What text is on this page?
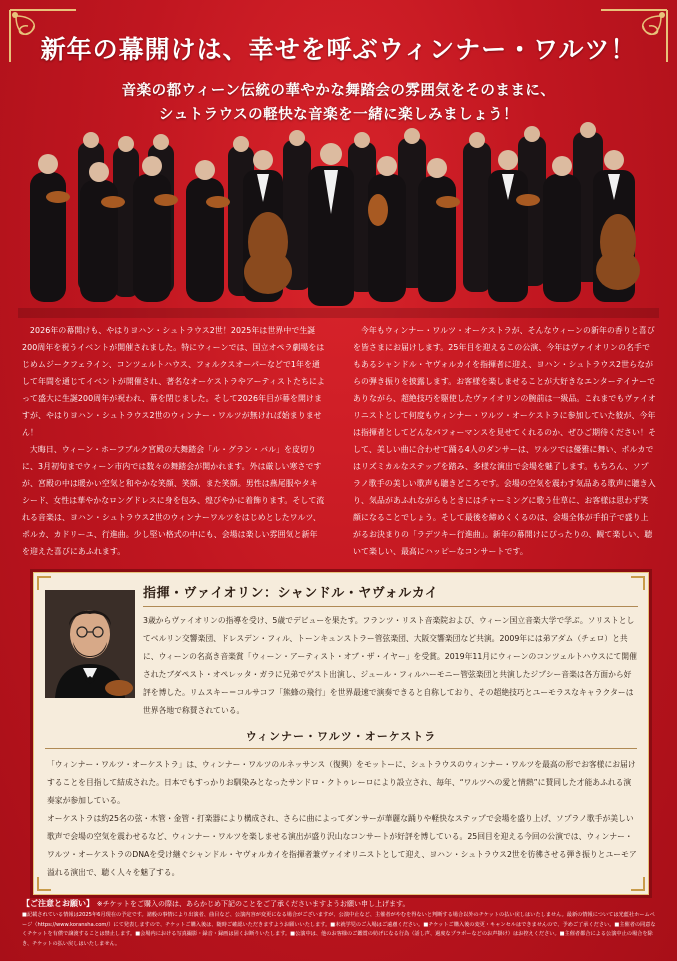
新年の幕開けは、幸せを呼ぶウィンナー・ワルツ！
音楽の都ウィーン伝統の華やかな舞踏会の雰囲気をそのままに、
シュトラウスの軽快な音楽を一緒に楽しみましょう！

2026年の幕開けも、やはりヨハン・シュトラウス2世！2025年は世界中で生誕200周年を祝うイベントが開催されました。特にウィーンでは、国立オペラ劇場をはじめムジークフェライン、コンツェルトハウス、フォルクスオーパーなどで1年を通して年間を通じてイベントが開催され、著名なオーケストラやアーティストたちによって盛大に生誕200周年が祝われ、幕を閉じました。そして2026年目が幕を開けますが、やはりヨハン・シュトラウス2世のウィンナー・ワルツが無ければ始まりません！

大晦日、ウィーン・ホーフブルク宮殿の大舞踏会「ル・グラン・バル」を皮切りに、3月初旬までウィーン市内では数々の舞踏会が開かれます。外は厳しい寒さですが、宮殿の中は暖かい空気と和やかな笑顔、笑顔、また笑顔。男性は燕尾服やタキシード、女性は華やかなロングドレスに身を包み、煌びやかに着飾ります。そして流れる音楽は、ヨハン・シュトラウス2世のウィンナーワルツをはじめとしたワルツ、ポルカ、カドリーユ、行進曲。少し堅い格式の中にも、会場は楽しい雰囲気と新年を迎えた喜びにあふれます。

今年もウィンナー・ワルツ・オーケストラが、そんなウィーンの新年の香りと喜びを皆さまにお届けします。25年目を迎えるこの公演、今年はヴァイオリンの名手でもあるシャンドル・ヤヴォルカイを指揮者に迎え、ヨハン・シュトラウス2世らながらの弾き振りを披露します。お客様を楽しませることが大好きなエンターテイナーでありながら、超絶技巧を駆使したヴァイオリンの腕前は一級品。これまでもヴァイオリニストとして何度もウィンナー・ワルツ・オーケストラに参加していた彼が、今年は指揮者としてどんなパフォーマンスを見せてくれるのか、ぜひご期待ください！そして、美しい曲に合わせて踊る4人のダンサーは、ワルツでは優雅に舞い、ポルカではリズミカルなステップを踏み、多様な演出で会場を魅了します。もちろん、ソプラノ歌手の美しい歌声も聴きどころです。会場の空気を震わす気品ある歌声に聴き入り、気品があふれながらもときにはチャーミングに歌う仕草に、お客様は思わず笑顔になることでしょう。そして最後を締めくくるのは、会場全体が手拍子で盛り上がるお決まりの「ラデツキー行進曲」。新年の幕開けにぴったりの、観て楽しい、聴いて楽しい、最高にハッピーなコンサートです。

指揮・ヴァイオリン：シャンドル・ヤヴォルカイ
3歳からヴァイオリンの指導を受け、5歳でデビューを果たす。フランツ・リスト音楽院および、ウィーン国立音楽大学で学ぶ。ソリストとしてベルリン交響楽団、ドレスデン・フィル、トーンキュンストラー管弦楽団、大阪交響楽団など共演。2009年には弟アダム（チェロ）と共に、ウィーンの名高き音楽賞「ウィーン・アーティスト・オブ・ザ・イヤー」を受賞。2019年11月にウィーンのコンツェルトハウスにて開催されたブダペスト・オペレッタ・ガラに兄弟でゲスト出演し、ジュール・フィルハーモニー管弦楽団と共演したジプシー音楽は各方面から好評を博した。リムスキー＝コルサコフ「熊蜂の飛行」を世界最速で演奏できると自称しており、その超絶技巧とユーモラスなキャラクターは世界各地で称賛されている。
ウィンナー・ワルツ・オーケストラ

「ウィンナー・ワルツ・オーケストラ」は、ウィンナー・ワルツのルネッサンス（復興）をモットーに、シュトラウスのウィンナー・ワルツを最高の形でお客様にお届けすることを目指して結成された。日本でもすっかりお馴染みとなったサンドロ・クトゥレーロにより設立され、毎年、“ワルツへの愛と情熱”に賛同した才能あふれる演奏家が参加している。

オーケストラは約25名の弦・木管・金管・打楽器により構成され、さらに曲によってダンサーが華麗な踊りや軽快なステップで会場を盛り上げ、ソプラノ歌手が美しい歌声で会場の空気を震わせるなど、ウィンナー・ワルツを楽しませる演出が盛り沢山なコンサートが好評を博している。25回目を迎える今回の公演では、ウィンナー・ワルツ・オーケストラのDNAを受け継ぐシャンドル・ヤヴォルカイを指揮者兼ヴァイオリニストとして迎え、ヨハン・シュトラウス2世を彷彿させる弾き振りとユーモア溢れる演出で、聴く人々を魅了する。

【ご注意とお願い】 ※チケットをご購入の際は、あらかじめ下記のことをご了承くださいますようお願い申し上げます。
■記載されている情報は2025年6月現在の予定です。諸般の事情により出演者、曲目など、公演内容が変更になる場合がございますが、公演中止など、主催者がやむを得ないと判断する場合以外のチケットの払い戻しはいたしません。最新の情報については光藍社ホームページ（https://www.koransha.com/）にて発表しますので、チケットご購入後は、随時ご確認いただきますようお願いいたします。■未就学児のご入場はご遠慮ください。■チケットご購入後の変更・キャンセルはできませんので、予めご了承ください。■主催者の同意なくチケットを有償で譲渡することは禁止します。■会場内における写真撮影・録音・録画は固くお断りいたします。■公演中は、他のお客様のご鑑賞の妨げになる行為（話し声、過度なプラボーなどのお声掛け）はお控えください。■主催者都合による公演中止の場合を除き、チケットの払い戻しはいたしません。
